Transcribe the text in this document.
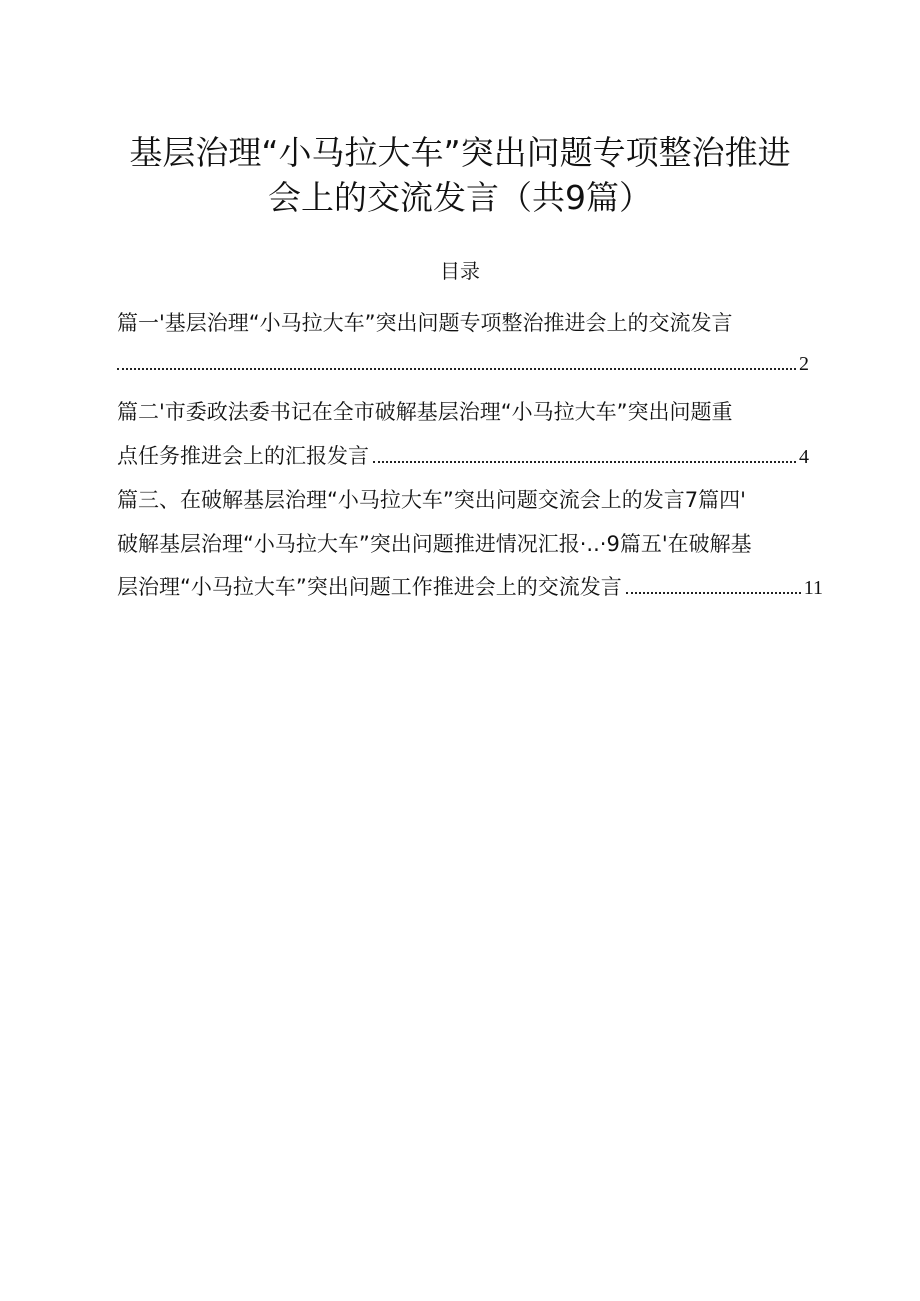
基层治理“小马拉大车”突出问题专项整治推进
会上的交流发言（共9篇）
目录
篇一'基层治理“小马拉大车”突出问题专项整治推进会上的交流发言
2
篇二'市委政法委书记在全市破解基层治理“小马拉大车”突出问题重
点任务推进会上的汇报发言	4
篇三、在破解基层治理“小马拉大车”突出问题交流会上的发言7篇四'
破解基层治理“小马拉大车”突出问题推进情况汇报·..·9篇五'在破解基
层治理“小马拉大车”突出问题工作推进会上的交流发言	11
